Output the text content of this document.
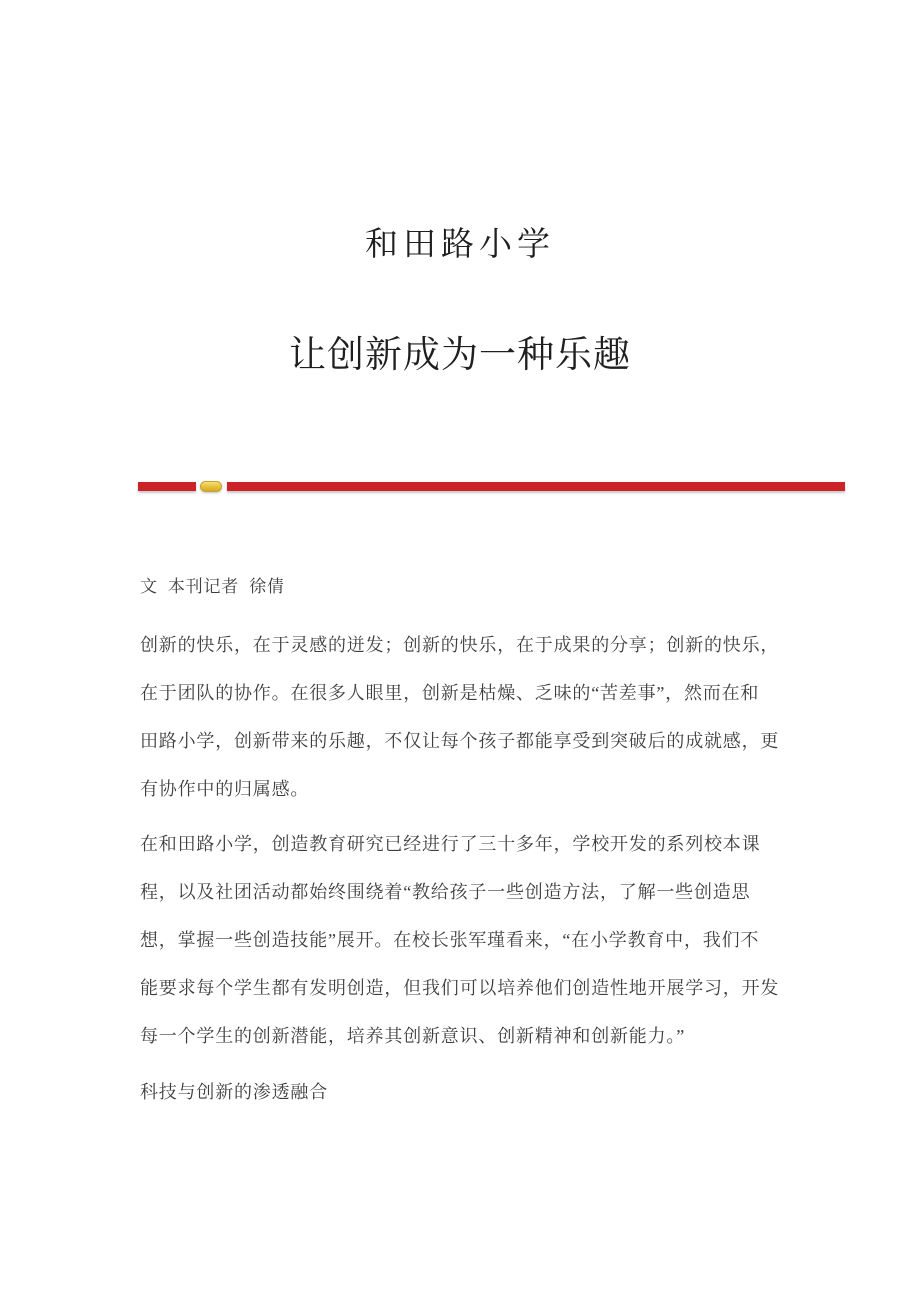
和田路小学
让创新成为一种乐趣
文  本刊记者  徐倩
创新的快乐，在于灵感的迸发；创新的快乐，在于成果的分享；创新的快乐，
在于团队的协作。在很多人眼里，创新是枯燥、乏味的“苦差事”，然而在和
田路小学，创新带来的乐趣，不仅让每个孩子都能享受到突破后的成就感，更
有协作中的归属感。
在和田路小学，创造教育研究已经进行了三十多年，学校开发的系列校本课
程，以及社团活动都始终围绕着“教给孩子一些创造方法，了解一些创造思
想，掌握一些创造技能”展开。在校长张军瑾看来，“在小学教育中，我们不
能要求每个学生都有发明创造，但我们可以培养他们创造性地开展学习，开发
每一个学生的创新潜能，培养其创新意识、创新精神和创新能力。”
科技与创新的渗透融合
